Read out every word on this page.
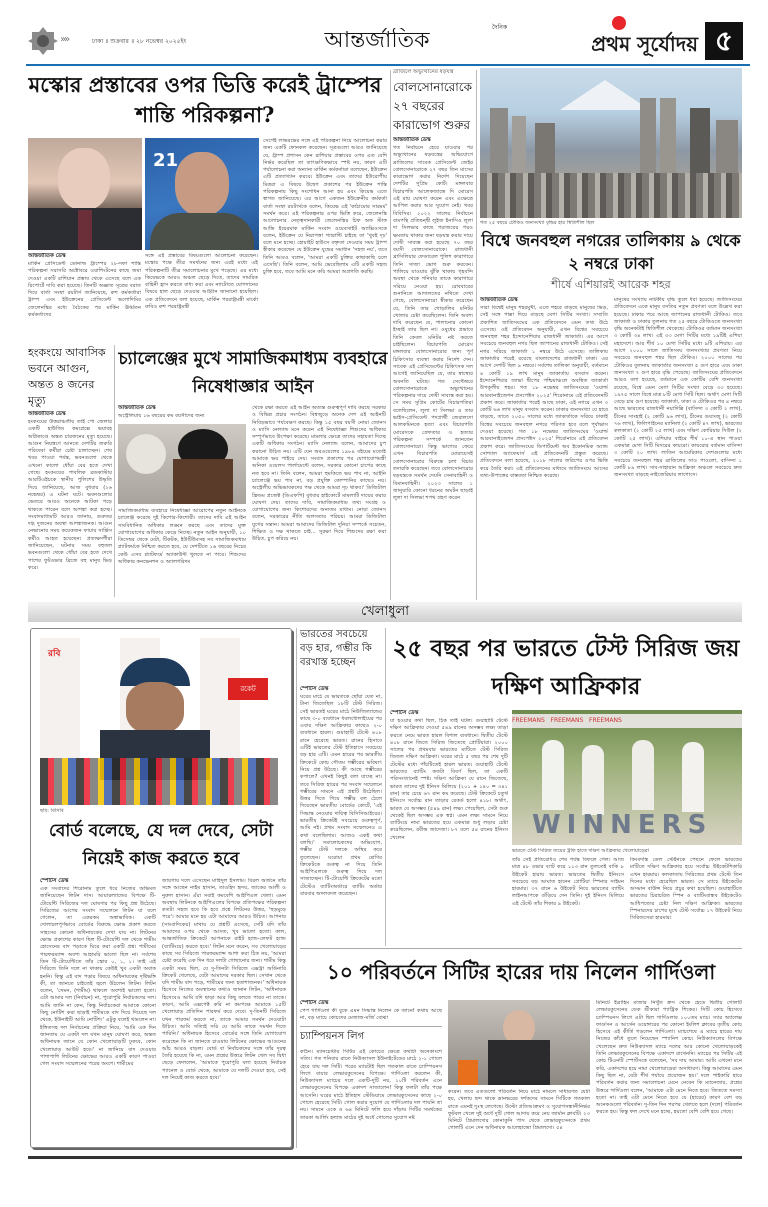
»»	ঢাকা ॥ শুক্রবার ॥ ২৮ নভেম্বর ২০২৫ইং	আন্তর্জাতিক
দৈনিক
প্রথম সূর্যোদয় ৫
মস্কোর প্রস্তাবের ওপর ভিত্তি করেই ট্রাম্পের শান্তি পরিকল্পনা?
21
আন্তর্জাতিক ডেস্ক
মার্কিন প্রেসিডেন্ট ডোনাল্ড ট্রাম্পের ২৮-দফা শান্তি পরিকল্পনা সরাসরি অক্টোবরে ওয়াশিংটনের কাছে জমা দেওয়া একটি রাশিয়ান প্রস্তাব থেকে এসেছে বলে এক রিপোর্টে দাবি করা হয়েছে। তিনটি অজ্ঞাত সূত্রের বরাত দিয়ে বার্তা সংস্থা রয়টার্স জানিয়েছে, রুশ কর্মকর্তারা ট্রাম্প এবং ইউক্রেনের প্রেসিডেন্ট ভলোদিমির জেলেনস্কির মধ্যে বৈঠকের পর মার্কিন ঊর্ধ্বতন কর্মকর্তাদের
সঙ্গে এই প্রস্তাবের বিষয়গুলো আলোচনা করেছেন। মস্কোর পক্ষে তীব্র সমর্থনের জন্য এরই মধ্যে এই পরিকল্পনাটি তীব্র সমালোচনার মুখে পড়েছে। এর মধ্যে কিয়েভকে আরও অঞ্চল ছেড়ে দিতে, তাদের সামরিক বাহিনী হ্রাস করতে বাধ্য করা এবং ন্যাটোতে যোগদানের বিষয়ে হাল ছেড়ে দেওয়ার আহ্বান জানানো হয়েছিল। এক প্রতিবেদনে বলা হয়েছে, মার্কিন পররাষ্ট্রমন্ত্রী মার্কো রুবিও রুশ পররাষ্ট্রমন্ত্রী
সের্গেই লাভরভের সঙ্গে এই পরিকল্পনা নিয়ে আলোচনা করার জন্য একটি ফোনকল করেছেন। সূত্রগুলো আরও জানিয়েছে যে, ট্রাম্প প্রশাসন কেন রাশিয়ার প্রস্তাবের ওপর এত বেশি নির্ভর করেছিল তা তাৎক্ষণিকভাবে স্পষ্ট নয়, কারণ এটি পর্যালোচনা করা অন্যান্য মার্কিন কর্মকর্তারা বলেছেন, ইউক্রেন এটি প্রত্যাখ্যান করবে। ইউক্রেন এবং তাদের ইউরোপীয় মিত্ররা এ বিষয়ে উদ্বেগ প্রকাশের পর ইউক্রেন শান্তি পরিকল্পনায় কিছু সংশোধন আনা হয় এবং কিয়েভ এতে স্বাগত জানিয়েছে। এর আগে একজন ইউক্রেনীয় কর্মকর্তা বার্তা সংস্থা রয়টার্সকে বলেন, কিয়েভ এই 'কাঠামোর সারমর্ম' সমর্থন করে। এই পরিকল্পনার ওপর ভিত্তি করে, জেলেনস্কি আলোচনার নেতৃত্বদানকারী জেলেনস্কির চিফ অফ স্টাফ আন্দ্রি ইয়েরমাক মার্কিন সংবাদ ওয়েবসাইট অ্যাক্সিওসকে বলেন, ইউক্রেন যে নিরাপত্তা গ্যারান্টি চাইছে তা 'খুবই দৃঢ়' বলে মনে হচ্ছে। হোয়াইট হাউসে বক্তৃতা দেওয়ার সময় ট্রাম্প স্বীকার করেছেন যে ইউক্রেন যুদ্ধের সমাধান 'সহজ নয়', তবে তিনি আরও বলেন, 'আমরা একটি চুক্তির কাছাকাছি চলে এসেছি'। তিনি বলেন, আমি ভেবেছিলাম এটি একটি সহজ চুক্তি হবে, তবে আমি মনে করি আমরা অগ্রগতি করছি।
ব্রাজিলে অভ্যুত্থানের ষড়যন্ত্র
বোলসোনারোকে ২৭ বছরের কারাভোগ শুরুর
আন্তর্জাতিক ডেস্ক
গত নির্বাচনে হেরে যাওয়ার পর অভ্যুত্থানের ষড়যন্ত্রের অভিযোগে ব্রাজিলের সাবেক প্রেসিডেন্ট জেইর বোলসোনারোকে ২৭ বছর তিন মাসের কারাভোগ করার নির্দেশ দিয়েছেন দেশটির সুপ্রিম কোর্ট। মঙ্গলবার বিচারপতি আলেকজান্দ্রে দি মোরেস এই রায় ঘোষণা করেন এবং এক্ষেত্রে আপিল করার আর সুযোগ নেই। খবর বিবিসির। ২০২২ সালের নির্বাচনে বামপন্থি প্রতিদ্বন্দ্বী লুইজ ইনাসিও লুলা দা সিলভার কাছে পরাজয়ের পরও ক্ষমতায় থাকার জন্য ষড়যন্ত্র করার দায়ে দোষী সাব্যস্ত করা হয়েছে ৭০ বছর বয়সী বোলসোনারোকে। রাজধানী ব্রাসিলিয়ার ফেডারেল পুলিশ কারাগারে তিনি সাজা ভোগ শুরু করবেন। পালিয়ে যাওয়ার ঝুঁকি থাকায় গৃহবন্দি অবস্থা থেকে শনিবার তাকে কারাগারে সরিয়ে নেওয়া হয়। রোববারের শুনানিতে আদালতের নথিতে দেখা গেছে, বোলসোনারো স্বীকার করেছেন যে, তিনি তার গোড়ালির মনিটর খোলার চেষ্টা করেছিলেন। তিনি অবশ্য দাবি করেছেন যে, পালানোর কোনো ইচ্ছাই তার ছিল না। ওষুধের প্রভাবে তিনি কেবল মনিটর নষ্ট করতে চাইছিলেন। বিচারপতি মোরেস মঙ্গলবার বোলসোনারোর জন্য পূর্ণ চিকিৎসার ব্যবস্থা করার নির্দেশ দেন। সাবেক এই প্রেসিডেন্টের চিকিৎসক দল আগেই জানিয়েছিল যে, তার স্বাস্থ্যের অবনতি ঘটছে। গত সেপ্টেম্বরে বোলসোনারোকে অভ্যুত্থানের পরিকল্পনার দায়ে দোষী সাব্যস্ত করা হয়। সে সময় সুপ্রিম কোর্টের বিচারপতিরা বলেছিলেন, লুলা দা সিলভা ও তার ভাইস-প্রেসিডেন্ট পদপ্রার্থী জেরালদো আলকমিনকে হত্যা এবং বিচারপতি মোরেসকে গ্রেফতার ও হত্যার পরিকল্পনা সম্পর্কে জানতেন বোলসোনারো। কিন্তু ভাগ্যের ফেরে এখন বিচারপতি মোরায়েসই বোলসোনারোর বিরুদ্ধে চলা বিচার তদারকি করেছেন। তবে বোলসোনারোর ষড়যন্ত্রকে সমর্থন দেয়নি সেনাবাহিনী ও বিমানবাহিনী। ২০২৩ সালের ১ জানুয়ারি কোনো ধরনের অঘটন ছাড়াই লুলা দা সিলভা শপথ গ্রহণ করেন
গত ২৫ বছরে টোকিও জনসংখ্যা বৃদ্ধির হার স্থিতিশীল ছিল
বিশ্বে জনবহুল নগরের তালিকায় ৯ থেকে ২ নম্বরে ঢাকা
শীর্ষে এশিয়ারই আরেক শহর
আন্তর্জাতিক ডেস্ক
সারা বিশ্বেই মানুষ শহরমুখী, এতে শহরে বাড়ছে মানুষের ভিড়, সেই সঙ্গে পাল্লা দিয়ে বাড়ছে মেগা সিটির সংখ্যা। সম্প্রতি প্রকাশিত জাতিসংঘের এক প্রতিবেদনে এমন তথ্য উঠে এসেছে। ওই প্রতিবেদন অনুযায়ী, এখন বিশ্বের সবচেয়ে জনবহুল শহর ইন্দোনেশিয়ার রাজধানী জাকার্তা। এর আগে সবচেয়ে জনবহুল নগর ছিল জাপানের রাজধানী টোকিও। সেই নগর সরিয়ে জাকার্তা ১ নম্বরে উঠে এসেছে। তালিকায় জাকার্তার পরেই রয়েছে বাংলাদেশের রাজধানী ঢাকা। এর আগে দেশটি ছিল ৯ নম্বরে। সর্বশেষ তালিকা অনুযায়ী, বর্তমানে ৪ কোটি ১৯ লাখ মানুষ জাকার্তায় বসবাস করেন। ইন্দোনেশিয়ার জাভা দ্বীপের পশ্চিমাঞ্চলে অবস্থিত জাকার্তা উপকূলীয় শহর। গত ১৮ নভেম্বর জাতিসংঘের 'ওয়ার্ল্ড আরবানাইজেশন প্রসপেক্টস ২০২৫' শিরোনামে এই প্রতিবেদনটি প্রকাশ করে। জাকার্তার পরেই আছে ঢাকা, এই নগরে এখন ৩ কোটি ৬৬ লাখ মানুষ বসবাস করেন। ঢাকার জনসংখ্যা যে হারে বাড়ছে, তাতে ২০৫০ সালের মধ্যে জাকার্তাকে সরিয়ে ঢাকাই বিশ্বের সবচেয়ে জনবহুল নগরে পরিণত হবে বলে পূর্বাভাস দেওয়া হয়েছে। গত ১৮ নভেম্বর জাতিসংঘের 'ওয়ার্ল্ড আরবানাইজেশন প্রসপেক্টস ২০২৫' শিরোনামে এই প্রতিবেদন প্রকাশ করে। জাতিসংঘের ডিপার্টমেন্ট অব ইকোনমিক অ্যান্ড সোশ্যাল অ্যাফেয়ার্স এই প্রতিবেদনটি প্রস্তুত করেছে। প্রতিবেদনে বলা হয়েছে, ২০১৮ সালের জরিপের ওপর ভিত্তি করে তৈরি করা। এই প্রতিবেদনের মাধ্যমে জাতিসংঘে আসের তথ্য-উপাত্তের বাস্তবতা নিশ্চিত করেছে।
মানুষের সংখ্যায় নাটকীয় বৃদ্ধি তুলে ধরা হয়েছে। জাতিসংঘের প্রতিবেদনে একে মানুষ বসতির নতুন প্রবণতা বলে উল্লেখ করা হয়েছে। ঢাকার পরে আছে জাপানের রাজধানী টোকিও। তবে জাকার্তা ও ঢাকার তুলনায় গত ২৫ বছরে টোকিওতে জনসংখ্যা বৃদ্ধি অনেকটাই স্থিতিশীল থেকেছে। টোকিওর বর্তমান জনসংখ্যা ৩ কোটি ৩৪ লাখ। এই ৩৩ মেগা সিটির মধ্যে ১৯টিই এশিয়া মহাদেশে। আর শীর্ষ ১০ মেগা সিটির মধ্যে ৯টি এশিয়ায়। এর আগে ২০০০ সালে জাতিসংঘ জনসংখ্যার প্রবণতা নিয়ে সবচেয়ে জনবহুল শহর ছিল টোকিও। ২০০০ সালের পর টোকিওর তুলনায় জাকার্তার জনসংখ্যা ৫ গুণ হারে এবং ঢাকা জনসংখ্যা ৭ গুণ হারে বৃদ্ধি পেয়েছে। জাতিসংঘের প্রতিবেদনে আরও বলা হয়েছে, বর্তমানে এক কোটির বেশি জনসংখ্যা রয়েছে, বিশ্বে এমন মেগা সিটির সংখ্যা বেড়ে ৩৩ হয়েছে। ১৯৭৫ সালে বিশ্বে মাত্র ৮টি মেগা সিটি ছিল। অর্থাৎ মেগা সিটি বেড়ে চার গুণ হয়েছে। জাকার্তা, ঢাকা ও টোকিওর পর ৪ নম্বরে আছে ভারতের রাজধানী নয়াদিল্লি (বাসিন্দা ৩ কোটি ২ লাখ), চীনের সাংহাই (২ কোটি ৯৬ লাখ), চীনের গুয়াংজু (২ কোটি ৭৬ লাখ), ফিলিপাইনের ম্যানিলা (২ কোটি ৪৭ লাখ), ভারতের কলকাতা (২ কোটি ২৫ লাখ) এবং দক্ষিণ কোরিয়ার সিউল (২ কোটি ২৫ লাখ)। এশিয়ার বাইরে শীর্ষ ১০-এ স্থান পাওয়া একমাত্র মেগা সিটি মিসরের কায়রো। কায়রোর বর্তমান বাসিন্দা ৩ কোটি ২০ লাখ। লাতিন আমেরিকার দেশগুলোর মধ্যে সবচেয়ে জনবহুল শহর ব্রাজিলের সাও পাওলো, বাসিন্দা ১ কোটি ৮৯ লাখ। সাব-সাহারান আফ্রিকা অঞ্চলে সবচেয়ে দ্রুত জনসংখ্যা বাড়ছে নাইজেরিয়ার লাগোসে।
হংকংয়ে আবাসিক ভবনে আগুন, অন্তত ৪ জনের মৃত্যু
আন্তর্জাতিক ডেস্ক
হংকংয়ের উত্তরাঞ্চলীয় তাই পো জেলার একটি হাউজিং কমপ্লেক্সে ভয়াবহ অগ্নিকাণ্ডে অন্তত চারজনের মৃত্যু হয়েছে। আগুন নিয়ন্ত্রণে আনতে দেশটির জরুরি পরিষেবা কর্মীরা চেষ্টা চালাচ্ছেন। শেষ খবর পাওয়া পর্যন্ত, ভবনগুলো থেকে এখনো কালো ধোঁয়া বের হতে দেখা গেছে। হংকংয়ের পাবলিক ব্রডকাস্টার আরটিএইচকে স্থানীয় পুলিশের উদ্ধৃতি দিয়ে জানিয়েছে, আজ বুধবার (২৬ নভেম্বর) এ ঘটনা ঘটে। ভবনগুলোর ভেতরে আরও অনেকে আটকা পড়ে থাকতে পারেন বলে আশঙ্কা করা হচ্ছে। সংবাদমাধ্যমটি আরও জানায়, গুরুতর দগ্ধ দুজনের অবস্থা আশঙ্কাজনক। আগুন নেভানোর সময় কয়েকজন ফায়ার সার্ভিস কর্মীও আহত হয়েছেন। প্রত্যক্ষদর্শীরা জানিয়েছেন, ঘটনার সময় বহুতল ভবনগুলো থেকে ধোঁয়া বের হতে দেখে পাশের ফুটওভার ব্রিজে বহু মানুষ ভিড় করে।
চ্যালেঞ্জের মুখে সামাজিকমাধ্যম ব্যবহারে নিষেধাজ্ঞার আইন
আন্তর্জাতিক ডেস্ক
অস্ট্রেলিয়ায় ১৬ বছরের কম বয়সীদের জন্য
সামাজিকমাধ্যম ব্যবহারে নিষেধাজ্ঞা আরোপের নতুন আইনকে চ্যালেঞ্জ করেছে দুই কিশোর-কিশোরী। তাদের দাবি এই আইন সাংবিধানিক অধিকার লঙ্ঘন করছে এবং তাদের মুক্ত যোগাযোগের অধিকার কেড়ে নিচ্ছে। নতুন আইন অনুযায়ী, ১০ ডিসেম্বর থেকে মেটা, টিকটক, ইউটিউবসহ সব সামাজিকমাধ্যম প্ল্যাটফর্মকে নিশ্চিত করতে হবে, যে দেশটিতে ১৬ বছরের নিচের কেউ এসব প্ল্যাটফর্মে অ্যাকাউন্ট খুলতে না পারে। শিশুদের অধিকার কনভেনশন ও অ্যালগরিদম
থেকে রক্ষা করতে এই আইন অত্যন্ত গুরুত্বপূর্ণ দাবি করছে সরকার ও বিভিন্ন প্রচার সংগঠন। বিশ্বজুড়ে অনেক দেশ এই আইনটি নিবিড়ভাবে পর্যবেক্ষণ করছে। কিন্তু ১৫ বছর বয়সী নোয়া জোনস ও ম্যাসি নেল্যান্ড মনে করেন এই নিষেধাজ্ঞা শিশুদের অধিকার সম্পূর্ণভাবে উপেক্ষা করেছে। মামলার ক্ষেত্রে তাদের সহায়তা দিচ্ছে একটি অধিকার সংগঠন। ম্যাসি নেল্যান্ড বলেন, আমাদের চুপ করানো উচিত নয়। এটি যেন অরওয়েলের ১৯৮৪ বইয়ের মতোই আমাকে ভয় পাইয়ে দেয়। সংবাদ প্রকাশের পর যোগাযোগমন্ত্রী অনিকা ওয়েলস পার্লামেন্টে বলেন, সরকার কোনো চাপের কাছে নত হবে না। তিনি বলেন, আমরা হুমকিতে ভয় পাব না, আইনি চ্যালেঞ্জে ভয় পাব না, বড় প্রযুক্তি কোম্পানির কাছেও নয়। অস্ট্রেলীয় অভিভাবকদের পক্ষ থেকে আমরা দৃঢ় থাকব।' ডিজিটাল ফ্রিডম প্রজেক্ট (ডিএফপি) বুধবার হাইকোর্টে মামলাটি দায়ের করার ঘোষণা দেয়। তাদের দাবি, সামাজিকমাধ্যম তথ্য সংগ্রহ ও যোগাযোগের জন্য কিশোরদের অন্যতম মাধ্যম। নোয়া জোনস বলেন, সরকারের নীতি অলসতার পরিচয়। আমরা ডিজিটাল যুগের সন্তান। আমরা আমাদের ডিজিটাল দুনিয়া সম্পর্কে সচেতন, শিক্ষিত ও দক্ষ থাকতে চাই... সুরক্ষা দিয়ে শিশুদের রক্ষা করা উচিত, চুপ করিয়ে নয়।
খেলাধুলা
রবি
রকেট
ছবি: বিসিবি
বোর্ড বলেছে, যে দল দেবে, সেটা নিয়েই কাজ করতে হবে
স্পোর্টস ডেস্ক
এক সংবাদের শিরোনাম তুলে ধরে নিজের অভিমত জানিয়েছেন লিটন দাস। আয়ারল্যান্ডের বিপক্ষে টি-টোয়েন্টি সিরিজের দল ঘোষণার পর কিছু প্রশ্ন উঠেছে। সিরিজের আগের সংবাদ সম্মেলনে লিটন যা বলে গেলেন, তা একরকম অস্বাভাবিক। একটি দোলাচলপূর্ণভাবে বোর্ডের বিরুদ্ধে ক্ষোভ প্রকাশ করতে সাহসের কোনো অধিনায়কের দেখা যায় না। লিটনের ক্ষোভ প্রকাশের কারণ ছিল টি-টোয়েন্টি দল থেকে শামীম হোসেনের বাদ পড়াকে ঘিরে করা একটি প্রশ্ন। শামীমের পারফরম্যান্স অবশ্য আহামরি ভালো ছিল না। সর্বশেষ তিন টি-টোয়েন্টিতে তাঁর স্কোর ০, ১, ১। তাই এই সিরিজে তিনি দলে না থাকায় কেউই খুব একটা অবাক হননি। কিন্তু এই বাদ পড়ার বিষয়ে অধিনায়কের দৃষ্টিভঙ্গি কী, তা জানতে চাইতেই জ্বলে উঠলেন লিটন। লিটন বলেন, 'সেমন, (শামীম) থাকলে অবশ্যই ভালো হতো। এটা আমার দল (নির্বাচন) না, পুরোপুরি নির্বাচকদের দল। আমি জানি না কেন, কিন্তু নির্বাচকেরা আমাকে কোনো কিছু নোটিশ করা ছাড়াই শামীমকে বাদ দিয়ে দিয়েছে দল থেকে, ইউনাইটি আমি নোটিশ।' এটুকু বলেই থামলেন না। ইঙ্গিতসহ দল নির্বাচনের প্রক্রিয়া নিয়ে, 'আমি এক দিন জানতাম যে একটা দল যখন মানুষ ঘোষণা করে, অন্তত অধিনায়ক জানে যে কোন খেলোয়াড়টি ঢুকবে, কোন খেলোয়াড় আউট হবে।' না জানিয়ে বাদ দেওয়ার পাশাপাশি লিটনের ক্ষোভের আরও একটি কারণ পাওয়া গেল সংবাদ সম্মেলনের পরের অংশে। শামীমের
জায়গায় দলে এসেছেন মাহিদুল ইসলাম। বিরল অর্জনে তাঁর সঙ্গে আছেন নাইম হাসান, তাওহিদ হৃদয়, জাকের আলী ও নুরুল হাসান। এঁরা সবাই কমবেশি আইপিএল খেলা। এমন অবস্থায় লিটনকে আইপিএলের বিপক্ষে প্রতিপক্ষের পরিকল্পনা কতটা সহজ হবে কি হবে প্রশ্নে লিটনের উত্তর, 'হুড়মুড়ে পরে'। আমার মনে হয় এটা আমাদের আরও উচিত। আপনার (সাংবাদিকের) মাথায় যে প্রশ্নটি এসেছে, সেটি যদি তাঁর আমাদের ওপর থেকে আসত, খুব ভালো হতো। কাল, আন্তর্জাতিক ক্রিকেটে আপনাকে রাইট হ্যান্ড-লেফট হ্যান্ড (ব্যাটিংয়ে) করতে হবে।' লিটন মনে করেন, সব খেলোয়াড়ের কাছে সব সিরিজে পারফরম্যান্স আশা করা ঠিক নয়, 'আমরা চেষ্টা করেছি এক দিন ধরে দলটা গোছানোর জন্য। শামীম কিন্তু একটা সময় ছিল, যে দু-তিনটা সিরিজে এক্সট্রা অর্ডিনারি ক্রিকেট খেলেছে, যেটা আমাদের দরকার ছিল। সেখান থেকে যদি শামীম বাদ পড়ে, শামীমের জন্য হতাশাজনক।' অধিনায়ক হিসেবে নিজের অবস্থানের কথাও জানান লিটন, 'অধিনায়ক হিসেবেও আমি যদি ছাড়া আর কিছু বলতে পারব না তাকে। কারণ, আমি এক্সপেক্ট করি না কমপক্ষে আমাকে ১৫টি খেলোয়াড় প্রতিদিন পারফর্ম করে দেবে। দু-তিনটি সিরিজে যখন পারফর্ম করতে না, তাকে আমার সমর্থন দেওয়াটা উচিত। আমি সত্যিই সরি যে আমি তাকে সমর্থন দিতে পারিনি।' অধিনায়ক হিসেবে বোর্ডের সঙ্গে তিনি যোগাযোগ করেছেন কি না জানতে চাওয়ায় লিটনের ক্ষোভের আগুনের আঁচ আরও বাড়ল। বোর্ড বা নির্বাচকদের সঙ্গে তাঁর দূরত্ব তৈরি হয়েছে কি না, এমন প্রশ্নের উত্তরে লিটন খেল সব দ্বিধা ছেড়ে ফেললেন, 'আমাকে পুরোপুরি বলা হয়েছে নির্বাচক প্যানেল ও বোর্ড থেকে, আমাকে যে দলটি দেওয়া হবে, সেই দল নিয়েই কাজ করতে হবে।'
ভারতের সবচেয়ে বড় হার, গম্ভীর কি বরখাস্ত হচ্ছেন
স্পোর্টস ডেস্ক
ঘরের মাঠে যে ভারতকে ছোঁয়া যেত না, টানা জিতেছিল ১৮টি টেস্ট সিরিজ। সেই ভারতই ঘরের মাঠে নিউজিল্যান্ডের কাছে ৩-০ ব্যবধানে ধবলধোলাইয়ের পর এবার দক্ষিণ আফ্রিকার কাছেও ২-০ ব্যবধানে হারল। গুয়াহাটি টেস্টে ৪০৮ রানে হেরেছে ভারত। রানের হিসাবে এটিই ভারতের টেস্ট ইতিহাসে সবচেয়ে বড় হার এটি। এমন হারের পর ভারতীয় ক্রিকেটে কোচ গৌতম গম্ভীরের ভবিষ্যৎ নিয়ে প্রশ্ন উঠছে। কী আছে গম্ভীরের কপালে? এখনই কিছুই বলা যাচ্ছে না। তবে সিরিজ হারের পর সংবাদ সম্মেলনে গম্ভীরের সামনে এই প্রশ্নটি উঠেছিল। উত্তর দিতে গিয়ে গম্ভীর বল ঠেলে দিয়েছেন ভারতীয় বোর্ডের কোর্টে, 'এই সিদ্ধান্ত নেওয়ার দায়িত্ব বিসিসিআইয়ের। ভারতীয় ক্রিকেটই সবচেয়ে গুরুত্বপূর্ণ, আমি নই। প্রথম সংবাদ সম্মেলনেও এ কথা বলেছিলাম। আজও একই কথা বলছি।' সমালোচকদের অভিযোগ, গম্ভীর টেস্ট দলকে অস্থির করে তুলেছেন। ঘরোয়া প্রথম শ্রেণির ক্রিকেটকে গুরুত্ব না দিয়ে তিনি আইপিএলকে গুরুত্ব দিয়ে দল সাজাচ্ছেন। টি-টোয়েন্টি ক্রিকেটের মতো টেস্টেও ব্যাটিংঅর্ডারে ব্যাটিং অর্ডার বারবার অদলবদল করেছেন।
২৫ বছর পর ভারতে টেস্ট সিরিজ জয় দক্ষিণ আফ্রিকার
স্পোর্টস ডেস্ক
যা হওয়ার কথা ছিল, ঠিক তাই ঘটল। গুয়াহাটি টেস্টে দক্ষিণ আফ্রিকার দেওয়া ৫৪৯ রানের অসম্ভব লক্ষ্য তাড়া করতে নেমে ভারত হারল বিশাল ব্যবধানে। দ্বিতীয় টেস্টে ৪০৮ রানে জিতে সিরিজ জিতেছে প্রোটিয়ারা। ২০০০ সালের পর প্রথমবার ভারতের মাটিতে টেস্ট সিরিজ জিতল দক্ষিণ আফ্রিকা। ঘরের মাঠে ৫ বছর পর শেষ দুটি টেস্টের মধ্যে পাঁচটিতেই হারল ভারত। গুয়াহাটি টেস্টে ভারতের ব্যাটিং কতটা বিবর্ণ ছিল, তা একটি পরিসংখ্যানেই স্পষ্ট। দক্ষিণ আফ্রিকা যে রানে জিতেছে, ভারত তাদের দুই ইনিংস মিলিয়ে (২০১ + ১৪০ = ৩৪১ রান) তার চেয়ে ৬৭ রান কম করেছে। টেস্ট ক্রিকেটে চতুর্থ ইনিংসে সর্বোচ্চ রান তাড়ার রেকর্ড হলো ৪১৮। অর্থাৎ, ভারত যে অসম্ভব (৫৪৯ রান) লক্ষ্য পেয়েছিল, সেটা শুরু থেকেই ছিল অসম্ভব এক স্বপ্ন। এমন লক্ষ্য সামনে নিয়ে ব্যাটিংয়ে নামা ভারতের হয়ে একমাত্র শুধু লড়ার চেষ্টা করেছিলেন, রবীন্দ্র জাদেজা। ৮৭ বলে ৫৪ রানের ইনিংস খেলেন
FREEMANS   FREEMANS   FREEMANS
WINNERS
ভারতে টেস্ট সিরিজ জয়ের ট্রফি হাতে দক্ষিণ আফ্রিকার খেলোয়াড়েরা
তাঁর সেই প্রতিরোধও শেষ পর্যন্ত বিফলে গেল। আজ মাত্র ৪৮ ওভার ব্যাট করে ১১৩ রান তুলতেই বাকি ৮ উইকেট হারায় ভারত। ভারতের দ্বিতীয় ইনিংসে সবচেয়ে বড় আঘাত হানেন প্রোটিয়া স্পিনার সাইমন হারমার। ৩৭ রানে ৬ উইকেট নিয়ে ভারতের ব্যাটিং লাইনআপকে গুঁড়িয়ে দেন তিনি। দুই ইনিংস মিলিয়ে এই টেস্টে তাঁর শিকার ৯ উইকেট।
কিংবদন্তি ডেল স্টেইনকে পেছনে ফেলে ভারতের মাটিতে দক্ষিণ আফ্রিকার হয়ে সর্বোচ্চ উইকেটশিকারি এখন হারমার। কলকাতায় সিরিজের প্রথম টেস্টে তিন দিনের মধ্যে হেরেছিল ভারত। সে ম্যাচে উইকেটের অসমান বাউন্স নিয়ে প্রচুর কথা হয়েছিল। গুয়াহাটিতে ভারতের চিরাচরিত স্পিন ও ব্যাটিংবান্ধব উইকেটেও আধিপত্যের চেষ্টা নিল দক্ষিণ আফ্রিকা। ভারতের স্পিনারদের চাপের মুখে টেস্ট সর্বোচ্চ ১৭ উইকেট নিয়ে সিরিজসেরা হারমার।
১০ পরিবর্তনে সিটির হারের দায় নিলেন গার্দিওলা
স্পোর্টস ডেস্ক
পেপ গার্দিওলা কী বুকে এমন সিদ্ধান্ত নিলেন কে জানে! কথায় আছে না, বড় ম্যাচে কোচদের মেজাজ-মর্জি বোঝা
চ্যাম্পিয়নস লিগ
কঠিন। ম্যানচেস্টার সিটির এই কোচের ক্ষেত্রে কথাটা অনেকাংশে সত্যি। গত শনিবার রাতে নিউক্যাসল ইউনাইটেডের মাঠে ২-১ গোলে হেরে যায় দল সিটি। পরের ম্যাচটাই ছিল গতকাল রাতে চ্যাম্পিয়নস লিগে বায়ার লেভারকুসেনের বিপক্ষে। গার্দিওলা করলেন কী, নিউক্যাসল ম্যাচের দলে একটি-দুটি নয়, ১০টি পরিবর্তন এনে লেভারকুসেনের বিপক্ষে একাদশ সাজালেন! কিন্তু ফলটা তাঁর পক্ষে আসেনি। ঘরের মাঠে ইতিহাদ স্টেডিয়ামে লেভারকুসেনের কাছে ২-০ গোলে হেরেছে সিটি। গোল করার সুযোগ যে গার্দিওলার দল পায়নি তা নয়। সামনে একে ও ৬৪ মিনিটে ফলি হয়ে দাঁড়ায় সিটির সমর্থকের তারকা আর্লিং হলান্ড মাঠের দুই অর্ধে গোলের সুযোগ নষ্ট
করেন। তবে এতগুলো পরিবর্তন নিয়ে মাঠে নামলে সাধারণত যেটা হয়, খেলায় ছন্দ থাকে ম্লানভরের দর্শকদের সামনে সিটিকে গতকাল রাতে এমনই দুঃস্থ লেগেছে। উল্টো প্রতিআক্রমণ ও সুযোগসন্ধানীনির্ভর ফুটবল খেলে দুই অর্ধে দুটি গোল আদায় করে নেয় জার্মান ক্লাবটি। ২৩ মিনিটে গ্রিমালদোর কোনাকুনি পাস থেকে লেভারকুসেনকে প্রথম গোলটি এনে দেন অধিনায়ক আলেহান্দ্রো গ্রিমালদো। ৫৪
মিনিটে ইব্রাহিম মাজার নিখুঁত ক্রস থেকে হেডে দ্বিতীয় গোলটি লেভারকুসেনের ডেক শ্রীকারা প্যাট্রিক শিকের। সিটি কোচ হিসেবে চ্যাম্পিয়নস লিগে এটা ছিল গার্দিওলার ১০০তম ম্যাচ। স্যার অ্যালেক্স ফার্গুসন ও আর্সেন ওয়েঙ্গারের পর কোনো ইংলিশ ক্লাবের তৃতীয় কোচ হিসেবে এই কীর্তি গড়লেন গার্দিওলা। ম্যাচশেষে এ ম্যাচে হারের দায় নিজের কাঁধে তুলে নিয়েছেন স্প্যানিশ কোচ। নিউক্যাসলের বিপক্ষে খেলেছেন দ্রুত নিউক্যাসল ম্যাচে দলের আর কোনো খেলোয়াড়কেই তিনি লেভারকুসেনের বিপক্ষে একাদশে রাখেননি। ম্যাচের পর সিটির এই কোচ টিএনটি স্পোর্টসকে বলেছেন, 'সব দায় আমার। আমি এখনো মনে করি, একাদশের হয়ে নামা খেলোয়াড়েরা অসাধারণ। কিন্তু আমাদের এমন কিছু ছিল না, যেটা শীর্ষ পর্যায়ে প্রয়োজন হয়।' দলে পাইকারি হারে পরিবর্তন করার জন্য সমালোচনা মেনে নেবেন কি ম্যানেজার, প্রশ্নের উত্তরে গার্দিওলা বলেন, 'আমাকে এটা মেনে নিতে হবে। জিততে সমস্যা হতো না। তাই এটা মেনে নিতে হবে যে (হারের) কারণ বেশ বড় অনেকগুলো পরিবর্তন। দু-তিন দিন পরপর খেলতে হলে (দলে) পরিবর্তন করতে হয়। কিন্তু ফল দেখে মনে হচ্ছে, হয়তো বেশি বেশি হয়ে গেছে।
